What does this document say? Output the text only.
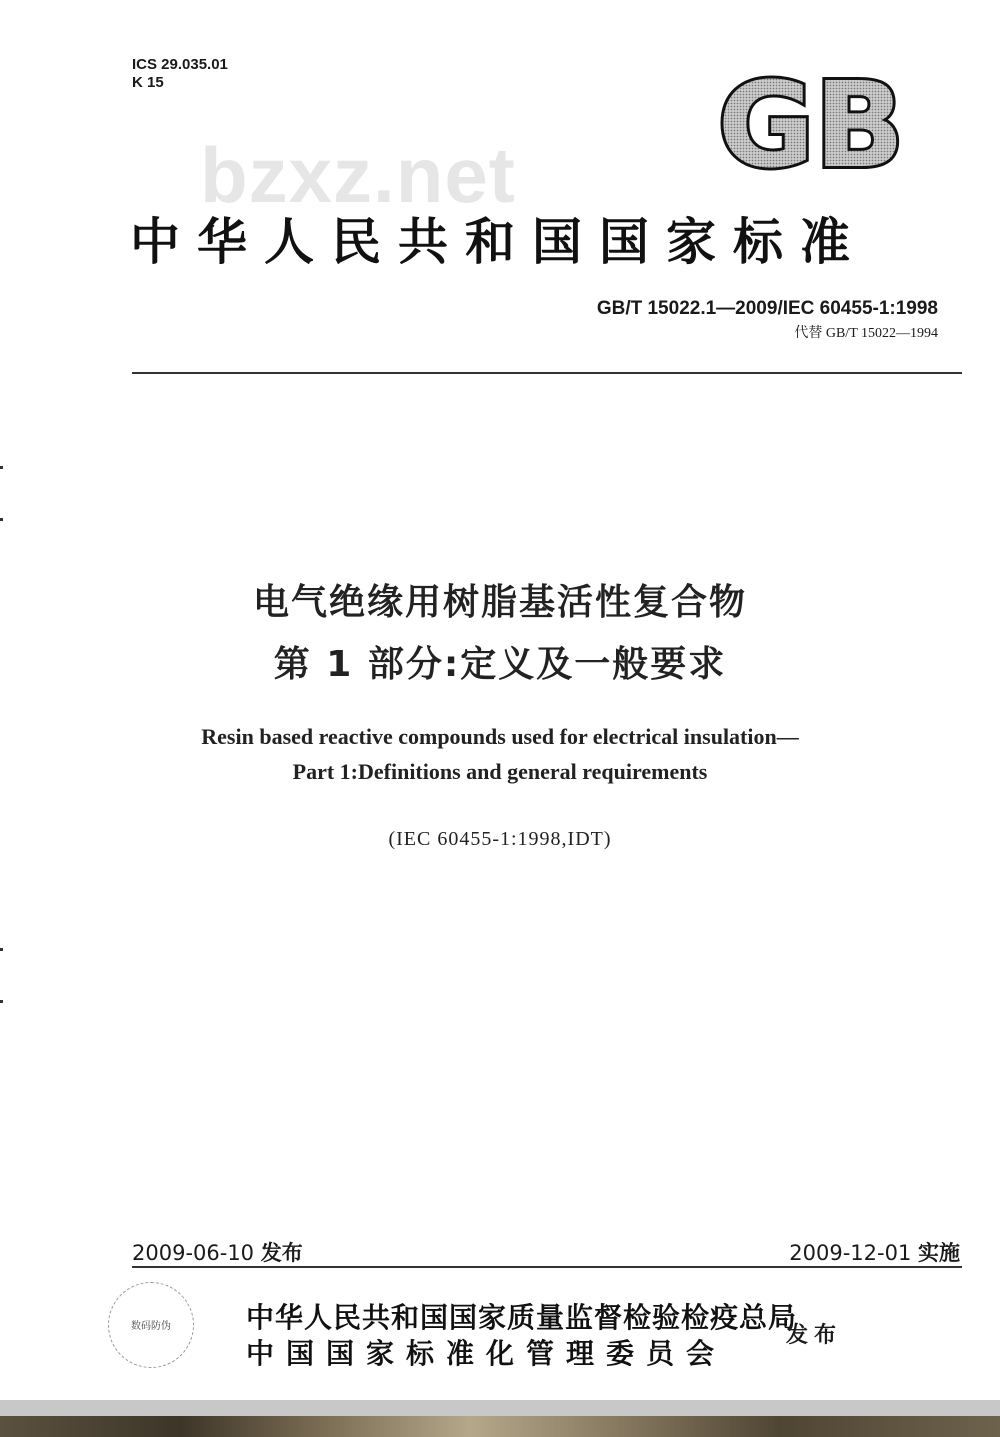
ICS 29.035.01
K 15	GB
bzxz.net
中华人民共和国国家标准
GB/T 15022.1—2009/IEC 60455-1:1998
代替 GB/T 15022—1994
电气绝缘用树脂基活性复合物
第 1 部分:定义及一般要求
Resin based reactive compounds used for electrical insulation—
Part 1:Definitions and general requirements
(IEC 60455-1:1998,IDT)
2009-06-10 发布	2009-12-01 实施
数码防伪	中华人民共和国国家质量监督检验检疫总局
中国国家标准化管理委员会
发布
